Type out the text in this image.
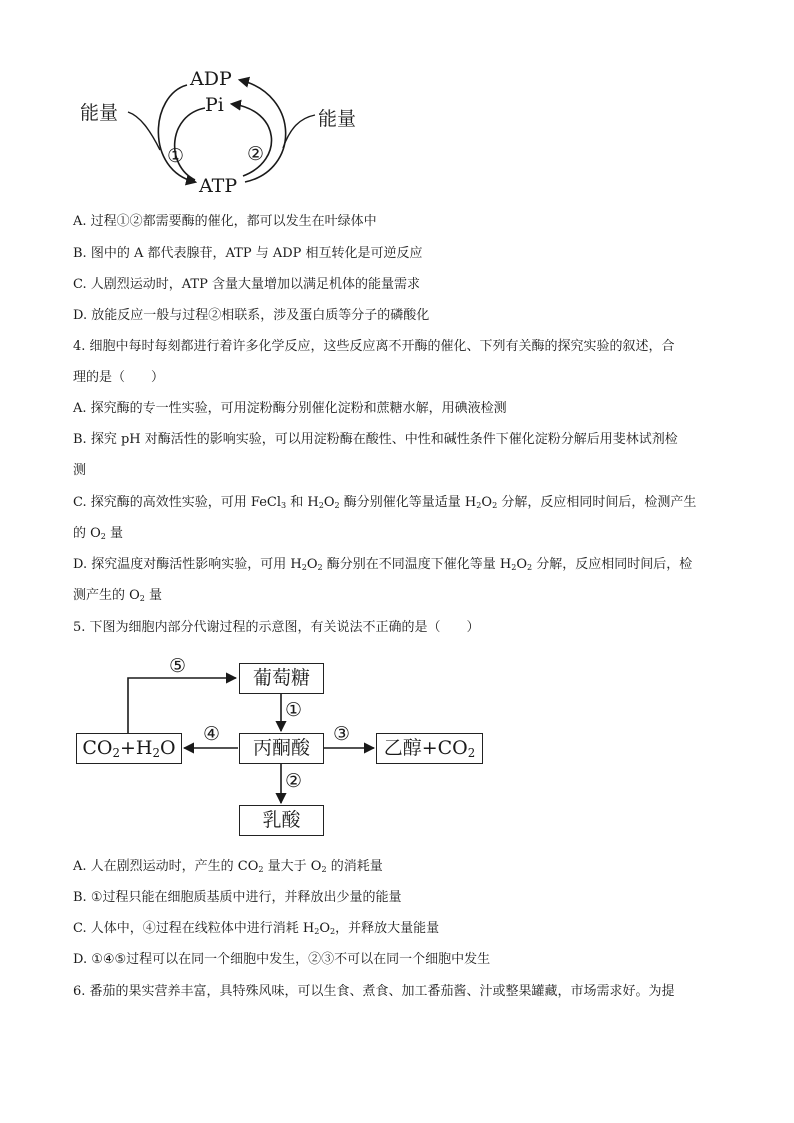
能量	能量
ADP
Pi
ATP
①	②
A. 过程①②都需要酶的催化，都可以发生在叶绿体中
B. 图中的 A 都代表腺苷，ATP 与 ADP 相互转化是可逆反应
C. 人剧烈运动时，ATP 含量大量增加以满足机体的能量需求
D. 放能反应一般与过程②相联系，涉及蛋白质等分子的磷酸化
4. 细胞中每时每刻都进行着许多化学反应，这些反应离不开酶的催化、下列有关酶的探究实验的叙述，合
理的是（　　）
A. 探究酶的专一性实验，可用淀粉酶分别催化淀粉和蔗糖水解，用碘液检测
B. 探究 pH 对酶活性的影响实验，可以用淀粉酶在酸性、中性和碱性条件下催化淀粉分解后用斐林试剂检
测
C. 探究酶的高效性实验，可用 FeCl$_3$ 和 $H_2O_2$ 酶分别催化等量适量 $H_2O_2$ 分解，反应相同时间后，检测产生
的 $O_2$ 量
D. 探究温度对酶活性影响实验，可用 $H_2O_2$ 酶分别在不同温度下催化等量 $H_2O_2$ 分解，反应相同时间后，检
测产生的 $O_2$ 量
5. 下图为细胞内部分代谢过程的示意图，有关说法不正确的是（　　）
葡萄糖
丙酮酸
乳酸
$CO_2+H_2O$	乙醇$+CO_2$
①
②
③
④
⑤
A. 人在剧烈运动时，产生的 $CO_2$ 量大于 $O_2$ 的消耗量
B. ①过程只能在细胞质基质中进行，并释放出少量的能量
C. 人体中，④过程在线粒体中进行消耗 $H_2O_2$，并释放大量能量
D. ①④⑤过程可以在同一个细胞中发生，②③不可以在同一个细胞中发生
6. 番茄的果实营养丰富，具特殊风味，可以生食、煮食、加工番茄酱、汁或整果罐藏，市场需求好。为提
